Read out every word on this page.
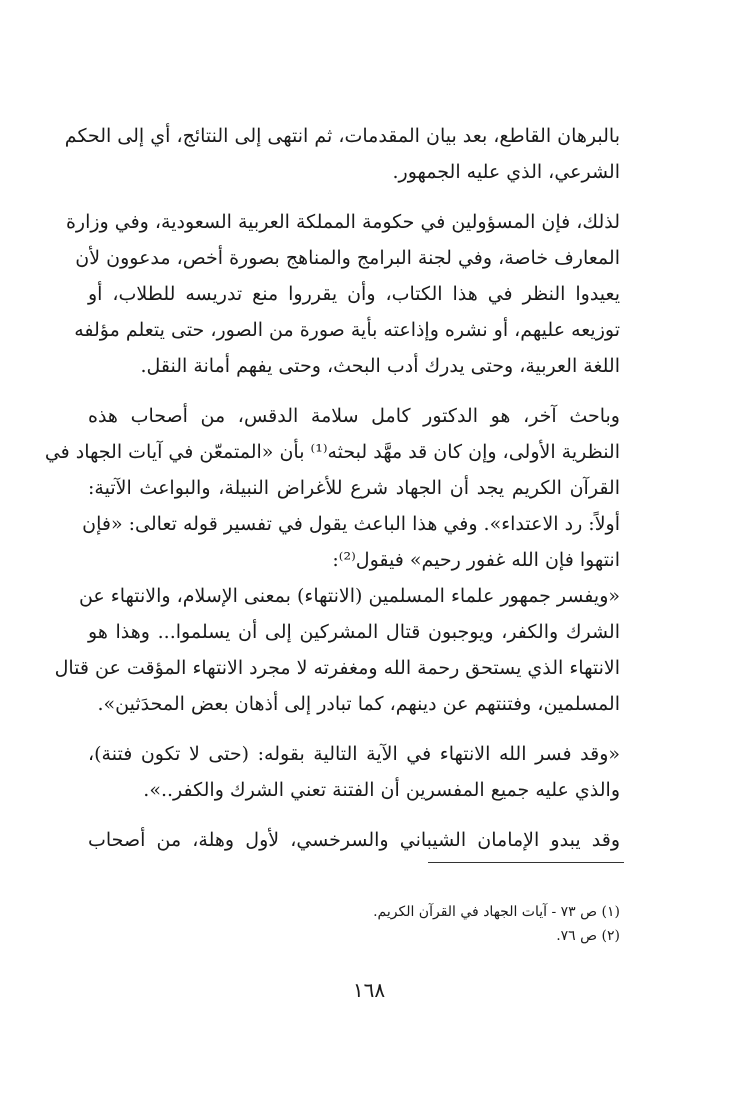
بالبرهان القاطع، بعد بيان المقدمات، ثم انتهى إلى النتائج، أي إلى الحكم
الشرعي، الذي عليه الجمهور.

لذلك، فإن المسؤولين في حكومة المملكة العربية السعودية، وفي وزارة
المعارف خاصة، وفي لجنة البرامج والمناهج بصورة أخص، مدعوون لأن
يعيدوا النظر في هذا الكتاب، وأن يقرروا منع تدريسه للطلاب، أو
توزيعه عليهم، أو نشره وإذاعته بأية صورة من الصور، حتى يتعلم مؤلفه
اللغة العربية، وحتى يدرك أدب البحث، وحتى يفهم أمانة النقل.

وباحث آخر، هو الدكتور كامل سلامة الدقس، من أصحاب هذه
النظرية الأولى، وإن كان قد مهَّد لبحثه⁽¹⁾ بأن «المتمعّن في آيات الجهاد في
القرآن الكريم يجد أن الجهاد شرع للأغراض النبيلة، والبواعث الآتية:
أولاً: رد الاعتداء». وفي هذا الباعث يقول في تفسير قوله تعالى: «فإن
انتهوا فإن الله غفور رحيم» فيقول⁽²⁾:
«ويفسر جمهور علماء المسلمين (الانتهاء) بمعنى الإسلام، والانتهاء عن
الشرك والكفر، ويوجبون قتال المشركين إلى أن يسلموا... وهذا هو
الانتهاء الذي يستحق رحمة الله ومغفرته لا مجرد الانتهاء المؤقت عن قتال
المسلمين، وفتنتهم عن دينهم، كما تبادر إلى أذهان بعض المحدَثين».

«وقد فسر الله الانتهاء في الآية التالية بقوله: (حتى لا تكون فتنة)،
والذي عليه جميع المفسرين أن الفتنة تعني الشرك والكفر..».

وقد يبدو الإمامان الشيباني والسرخسي، لأول وهلة، من أصحاب

(١) ص ٧٣ - آيات الجهاد في القرآن الكريم.
(٢) ص ٧٦.
١٦٨
